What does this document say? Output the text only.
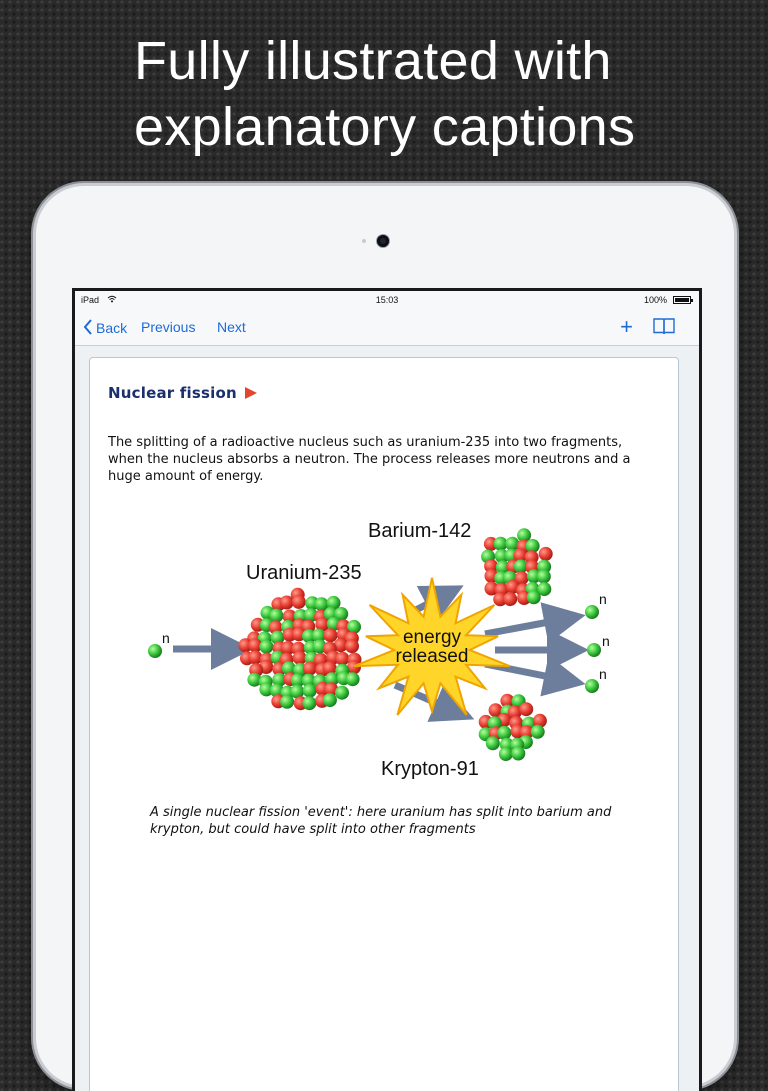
Fully illustrated with
explanatory captions
iPad	15:03	100%
Back Previous Next	+
Nuclear fission
The splitting of a radioactive nucleus such as uranium-235 into two fragments, when the nucleus absorbs a neutron. The process releases more neutrons and a huge amount of energy.
energy
released
n
n
n
n
Uranium-235
Barium-142
Krypton-91
A single nuclear fission 'event': here uranium has split into barium and krypton, but could have split into other fragments
